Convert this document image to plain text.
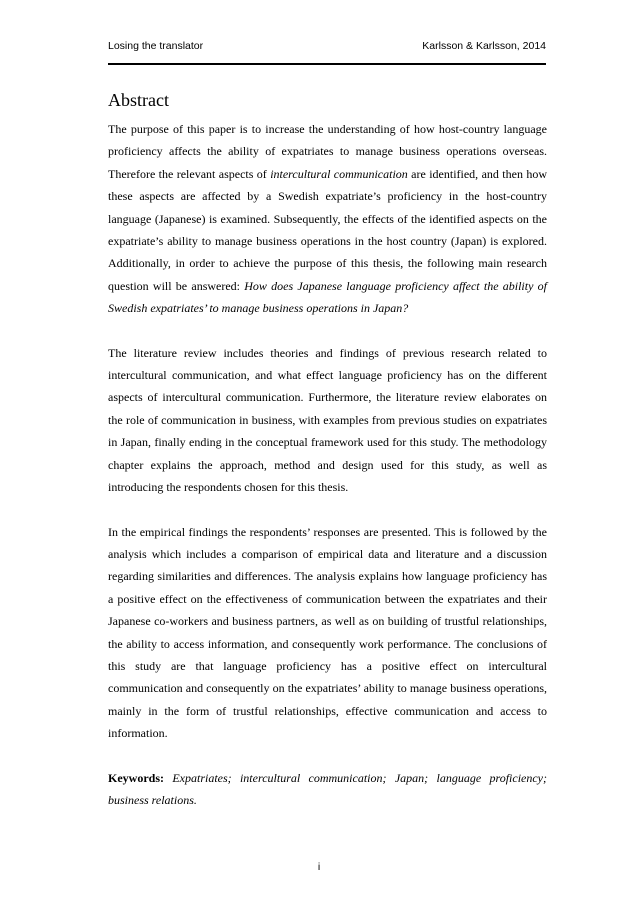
Losing the translator	Karlsson & Karlsson, 2014
Abstract

The purpose of this paper is to increase the understanding of how host-country language proficiency affects the ability of expatriates to manage business operations overseas. Therefore the relevant aspects of intercultural communication are identified, and then how these aspects are affected by a Swedish expatriate’s proficiency in the host-country language (Japanese) is examined. Subsequently, the effects of the identified aspects on the expatriate’s ability to manage business operations in the host country (Japan) is explored. Additionally, in order to achieve the purpose of this thesis, the following main research question will be answered: How does Japanese language proficiency affect the ability of Swedish expatriates’ to manage business operations in Japan?

The literature review includes theories and findings of previous research related to intercultural communication, and what effect language proficiency has on the different aspects of intercultural communication. Furthermore, the literature review elaborates on the role of communication in business, with examples from previous studies on expatriates in Japan, finally ending in the conceptual framework used for this study. The methodology chapter explains the approach, method and design used for this study, as well as introducing the respondents chosen for this thesis.

In the empirical findings the respondents’ responses are presented. This is followed by the analysis which includes a comparison of empirical data and literature and a discussion regarding similarities and differences. The analysis explains how language proficiency has a positive effect on the effectiveness of communication between the expatriates and their Japanese co-workers and business partners, as well as on building of trustful relationships, the ability to access information, and consequently work performance. The conclusions of this study are that language proficiency has a positive effect on intercultural communication and consequently on the expatriates’ ability to manage business operations, mainly in the form of trustful relationships, effective communication and access to information.

Keywords: Expatriates; intercultural communication; Japan; language proficiency; business relations.

i
